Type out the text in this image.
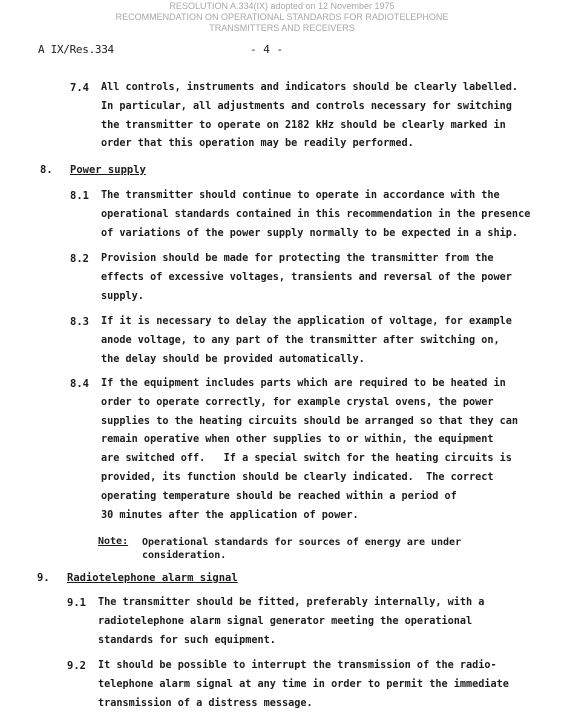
RESOLUTION A.334(IX) adopted on 12 November 1975
RECOMMENDATION ON OPERATIONAL STANDARDS FOR RADIOTELEPHONE
TRANSMITTERS AND RECEIVERS
A IX/Res.334	- 4 -
7.4 All controls, instruments and indicators should be clearly labelled.
In particular, all adjustments and controls necessary for switching
the transmitter to operate on 2182 kHz should be clearly marked in
order that this operation may be readily performed.
8. Power supply
8.1 The transmitter should continue to operate in accordance with the
operational standards contained in this recommendation in the presence
of variations of the power supply normally to be expected in a ship.
8.2 Provision should be made for protecting the transmitter from the
effects of excessive voltages, transients and reversal of the power
supply.
8.3 If it is necessary to delay the application of voltage, for example
anode voltage, to any part of the transmitter after switching on,
the delay should be provided automatically.
8.4 If the equipment includes parts which are required to be heated in
order to operate correctly, for example crystal ovens, the power
supplies to the heating circuits should be arranged so that they can
remain operative when other supplies to or within, the equipment
are switched off.   If a special switch for the heating circuits is
provided, its function should be clearly indicated.  The correct
operating temperature should be reached within a period of
30 minutes after the application of power.
Note: Operational standards for sources of energy are under
consideration.
9. Radiotelephone alarm signal
9.1 The transmitter should be fitted, preferably internally, with a
radiotelephone alarm signal generator meeting the operational
standards for such equipment.
9.2 It should be possible to interrupt the transmission of the radio-
telephone alarm signal at any time in order to permit the immediate
transmission of a distress message.
